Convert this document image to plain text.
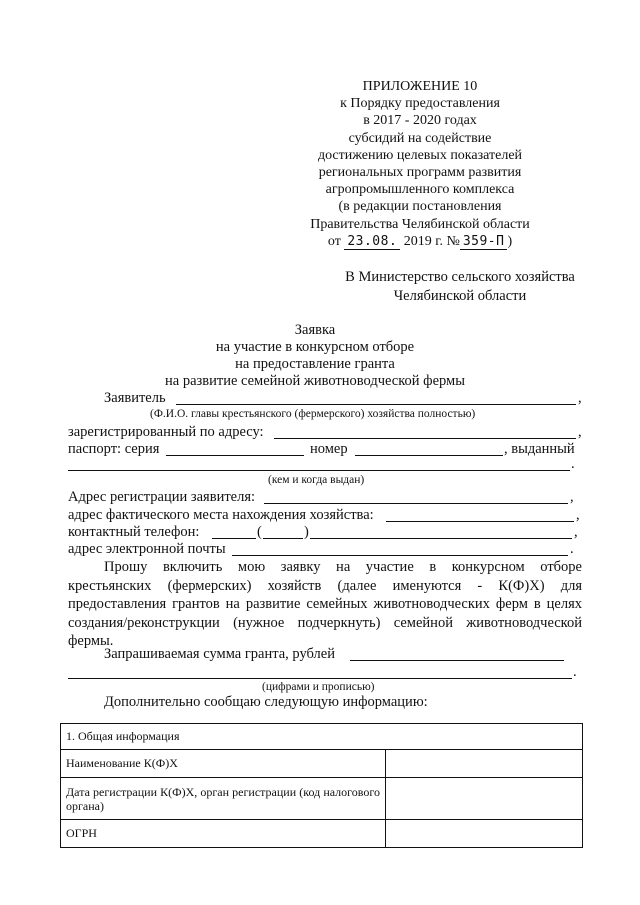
ПРИЛОЖЕНИЕ 10
к Порядку предоставления
в 2017 - 2020 годах
субсидий на содействие
достижению целевых показателей
региональных программ развития
агропромышленного комплекса
(в редакции постановления
Правительства Челябинской области
от 23.08. 2019 г. № 359-П )
В Министерство сельского хозяйства
Челябинской области
Заявка
на участие в конкурсном отборе
на предоставление гранта
на развитие семейной животноводческой фермы
Заявитель	,
(Ф.И.О. главы крестьянского (фермерского) хозяйства полностью)
зарегистрированный по адресу:	,
паспорт: серия	номер	, выданный
.
(кем и когда выдан)
Адрес регистрации заявителя:	,
адрес фактического места нахождения хозяйства:	,
контактный телефон:	(	)	,
адрес электронной почты	.
Прошу включить мою заявку на участие в конкурсном отборе
крестьянских (фермерских) хозяйств (далее именуются - К(Ф)Х) для
предоставления грантов на развитие семейных животноводческих ферм в целях
создания/реконструкции (нужное подчеркнуть) семейной животноводческой
фермы.
Запрашиваемая сумма гранта, рублей
.
(цифрами и прописью)
Дополнительно сообщаю следующую информацию:
1. Общая информация	
Наименование К(Ф)Х	
Дата регистрации К(Ф)Х, орган регистрации (код налогового органа)	
ОГРН	
